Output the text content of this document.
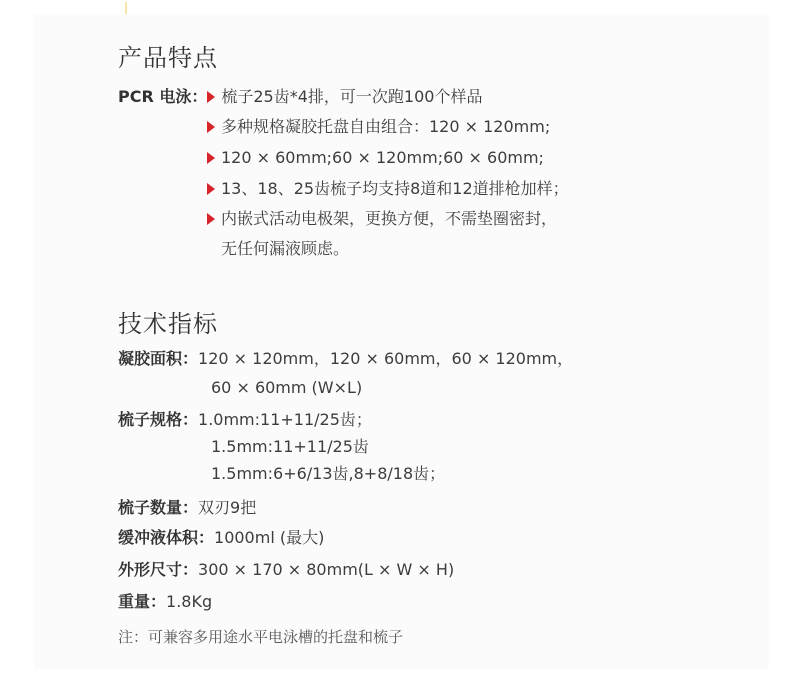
产品特点
PCR 电泳： 梳子25齿*4排，可一次跑100个样品
多种规格凝胶托盘自由组合：120 × 120mm;
120 × 60mm;60 × 120mm;60 × 60mm;
13、18、25齿梳子均支持8道和12道排枪加样；
内嵌式活动电极架，更换方便，不需垫圈密封，
无任何漏液顾虑。
技术指标
凝胶面积：120 × 120mm，120 × 60mm，60 × 120mm，
60 × 60mm (W×L)
梳子规格：1.0mm:11+11/25齿；
1.5mm:11+11/25齿
1.5mm:6+6/13齿,8+8/18齿；
梳子数量：双刃9把
缓冲液体积：1000ml (最大)
外形尺寸：300 × 170 × 80mm(L × W × H)
重量：1.8Kg
注：可兼容多用途水平电泳槽的托盘和梳子
